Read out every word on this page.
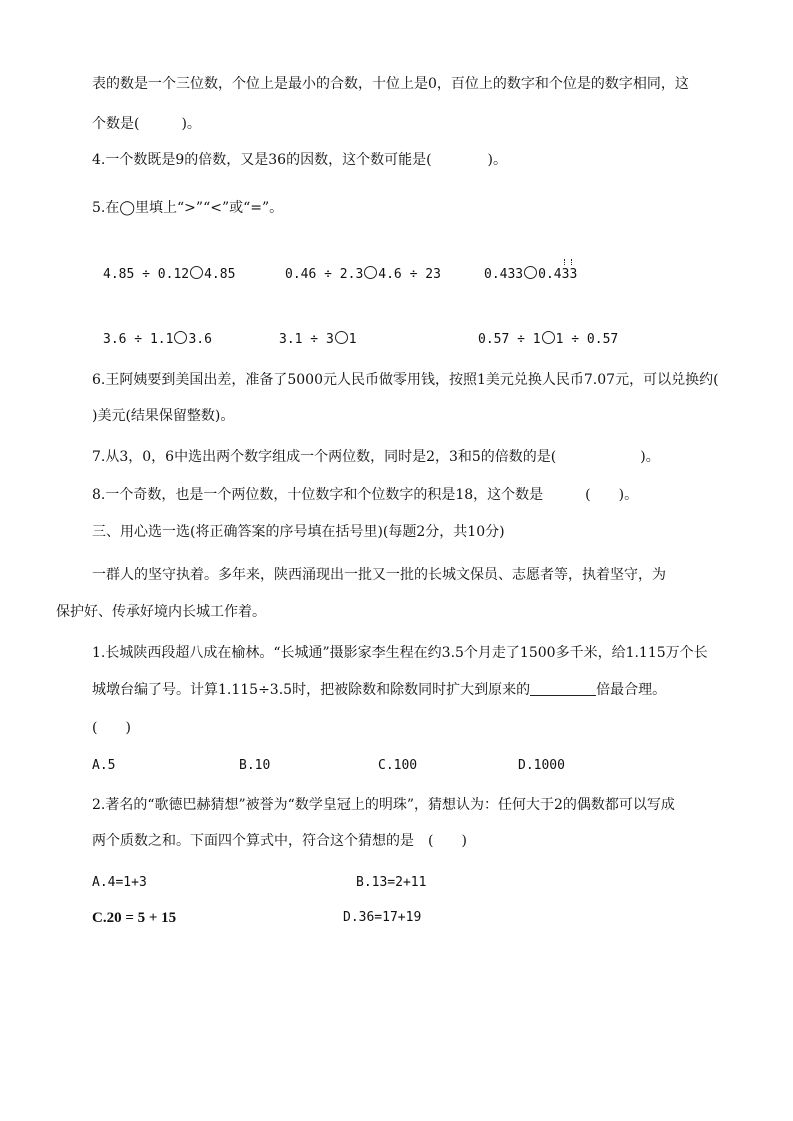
表的数是一个三位数，个位上是最小的合数，十位上是0，百位上的数字和个位是的数字相同，这
个数是(　　　)。
4.一个数既是9的倍数，又是36的因数，这个数可能是(　　　　)。
5.在◯里填上“>”“<”或“=”。
4.85 ÷ 0.12 4.85	0.46 ÷ 2.3 4.6 ÷ 23	0.433 0.433
3.6 ÷ 1.1 3.6	3.1 ÷ 3 1	0.57 ÷ 1 1 ÷ 0.57
6.王阿姨要到美国出差，准备了5000元人民币做零用钱，按照1美元兑换人民币7.07元，可以兑换约(
)美元(结果保留整数)。
7.从3，0，6中选出两个数字组成一个两位数，同时是2，3和5的倍数的是(　　　　　　)。
8.一个奇数，也是一个两位数，十位数字和个位数字的积是18，这个数是　　　(　　)。
三、用心选一选(将正确答案的序号填在括号里)(每题2分，共10分)
一群人的坚守执着。多年来，陕西涌现出一批又一批的长城文保员、志愿者等，执着坚守，为
保护好、传承好境内长城工作着。
1.长城陕西段超八成在榆林。“长城通”摄影家李生程在约3.5个月走了1500多千米，给1.115万个长
城墩台编了号。计算1.115÷3.5时，把被除数和除数同时扩大到原来的	倍最合理。
(　　)
A.5	B.10	C.100	D.1000
2.著名的“歌德巴赫猜想”被誉为“数学皇冠上的明珠”，猜想认为：任何大于2的偶数都可以写成
两个质数之和。下面四个算式中，符合这个猜想的是　(　　)
A.4=1+3	B.13=2+11
C.20 = 5 + 15	D.36=17+19
